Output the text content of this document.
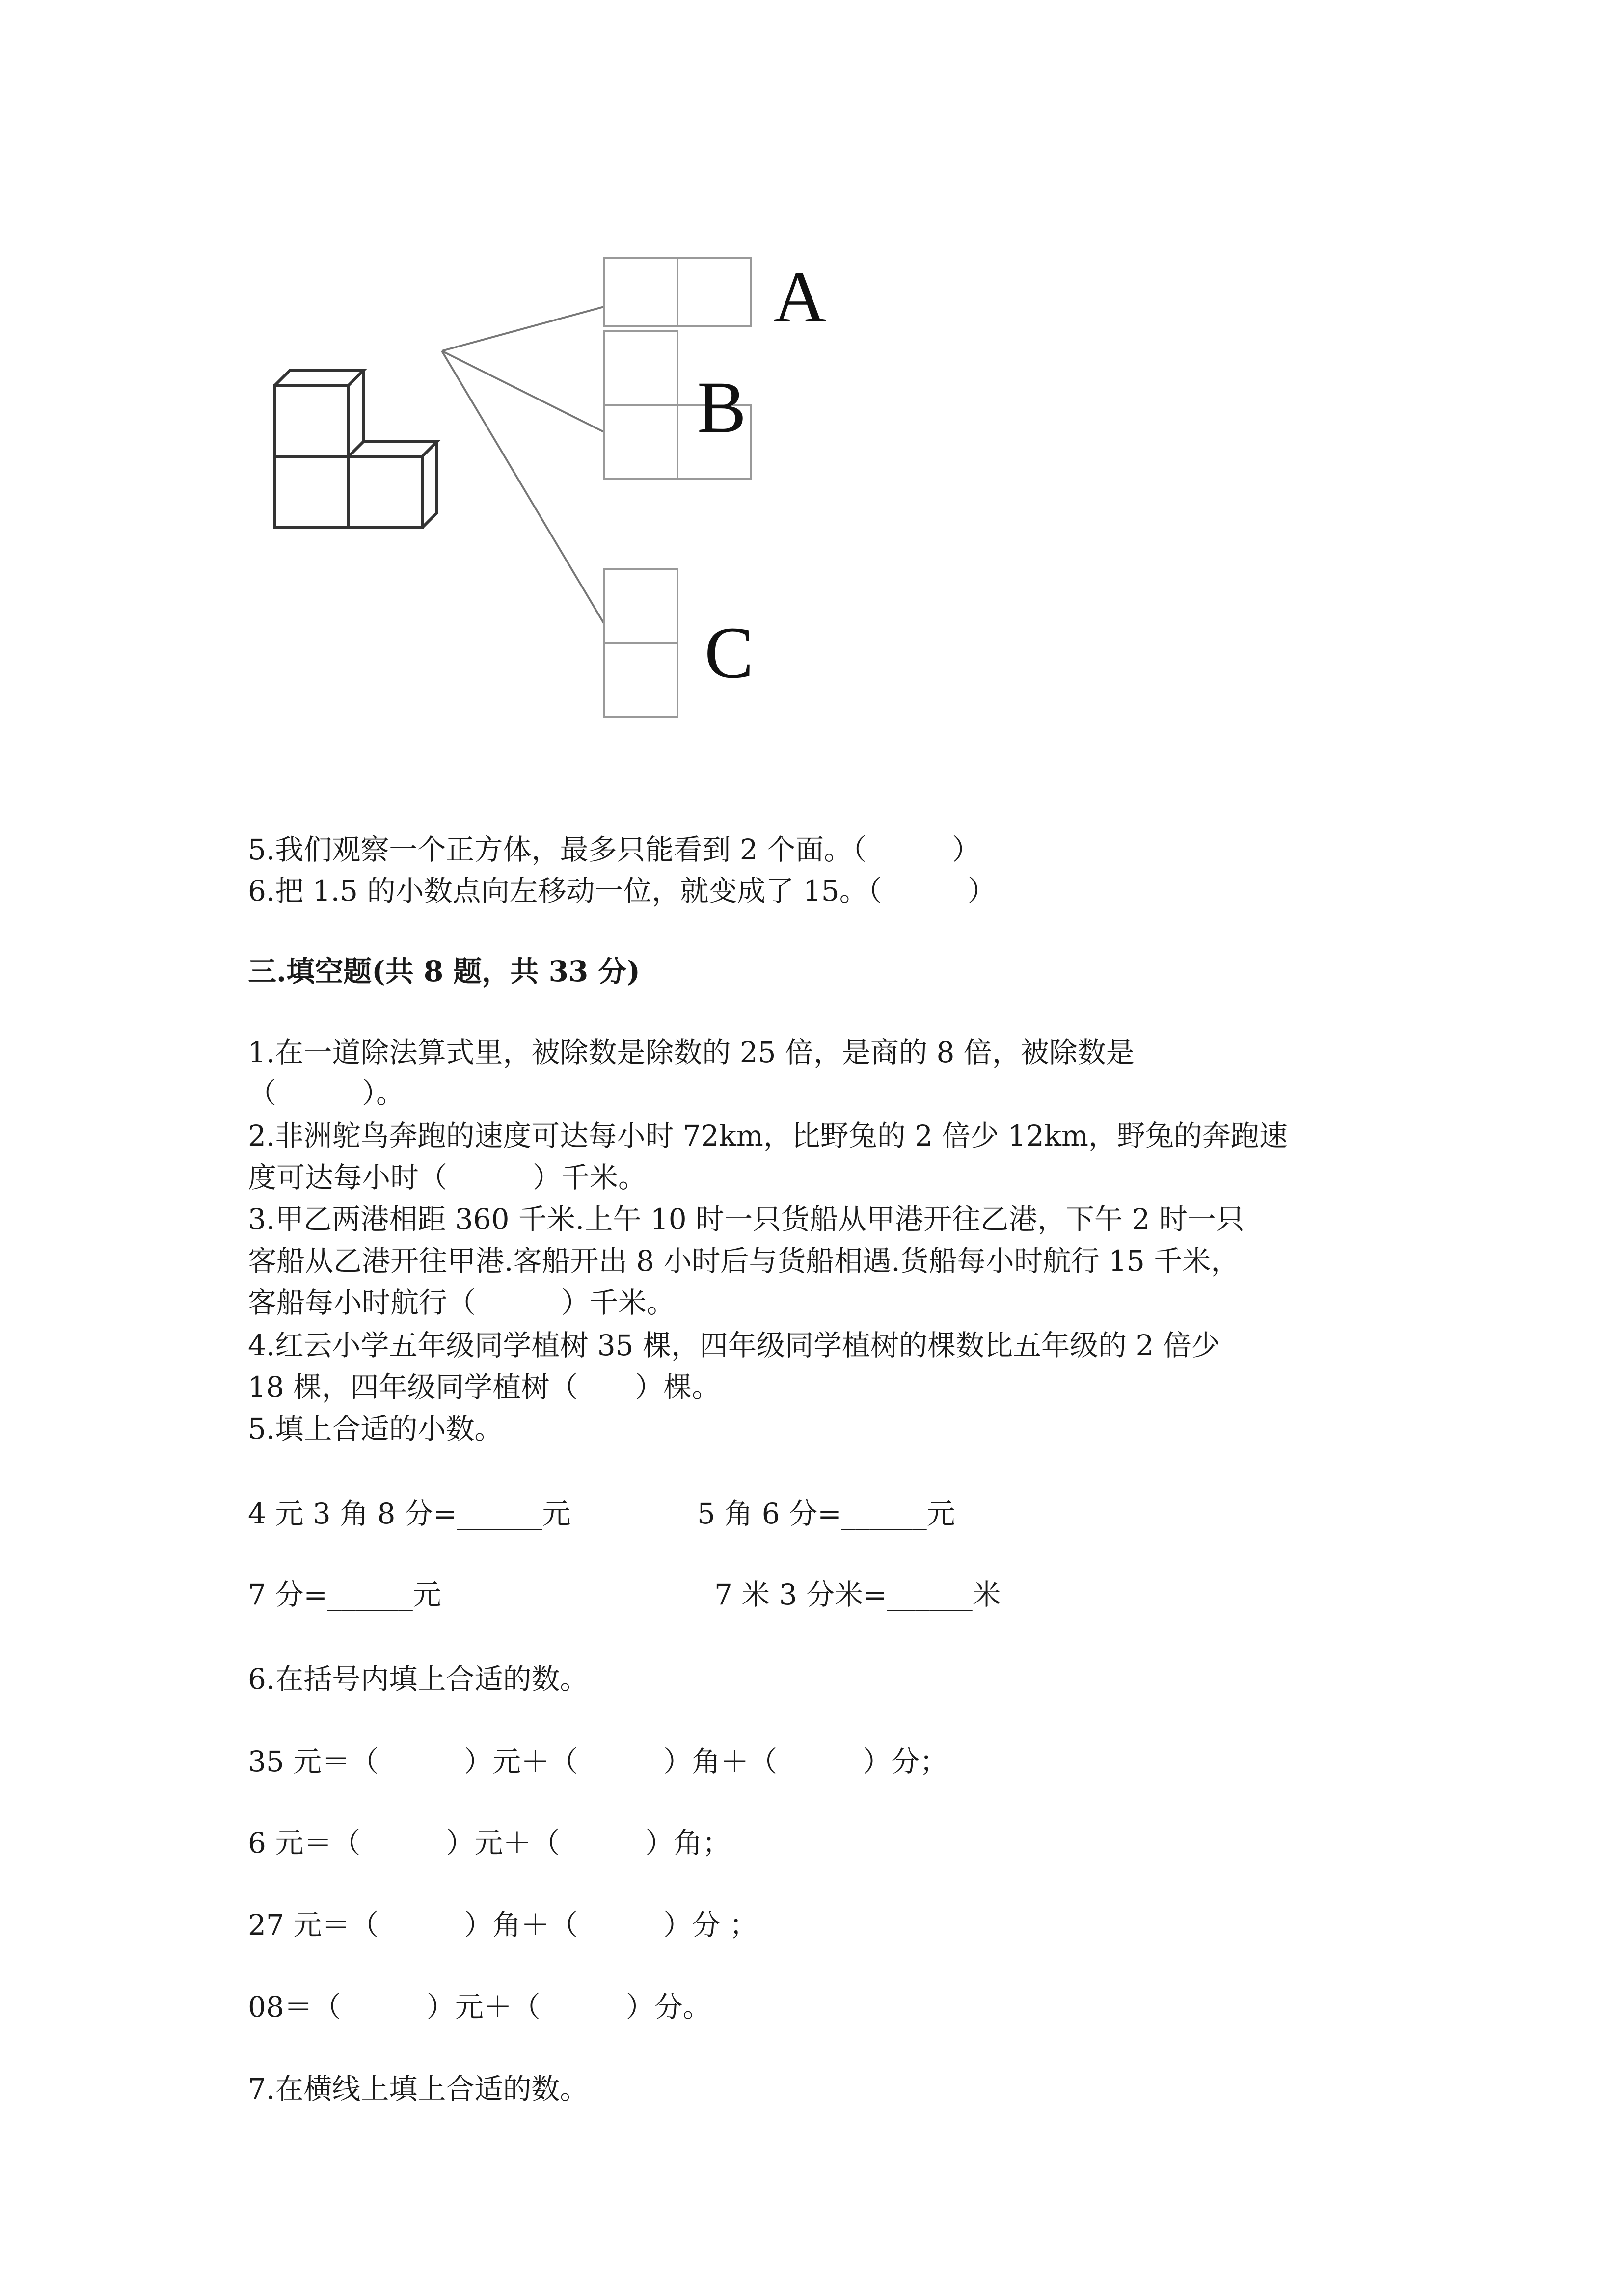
A
B
C
5.我们观察一个正方体，最多只能看到 2 个面。（　　　）
6.把 1.5 的小数点向左移动一位，就变成了 15。（　　　）
三.填空题(共 8 题，共 33 分)
1.在一道除法算式里，被除数是除数的 25 倍，是商的 8 倍，被除数是
（　　　）。
2.非洲鸵鸟奔跑的速度可达每小时 72km，比野兔的 2 倍少 12km，野兔的奔跑速
度可达每小时（　　　）千米。
3.甲乙两港相距 360 千米.上午 10 时一只货船从甲港开往乙港，下午 2 时一只
客船从乙港开往甲港.客船开出 8 小时后与货船相遇.货船每小时航行 15 千米，
客船每小时航行（　　　）千米。
4.红云小学五年级同学植树 35 棵，四年级同学植树的棵数比五年级的 2 倍少
18 棵，四年级同学植树（　　）棵。
5.填上合适的小数。
4 元 3 角 8 分=______元	5 角 6 分=______元
7 分=______元	7 米 3 分米=______米
6.在括号内填上合适的数。
35 元＝（　　　）元＋（　　　）角＋（　　　）分；
6 元＝（　　　）元＋（　　　）角；
27 元＝（　　　）角＋（　　　）分 ；
08＝（　　　）元＋（　　　）分。
7.在横线上填上合适的数。
